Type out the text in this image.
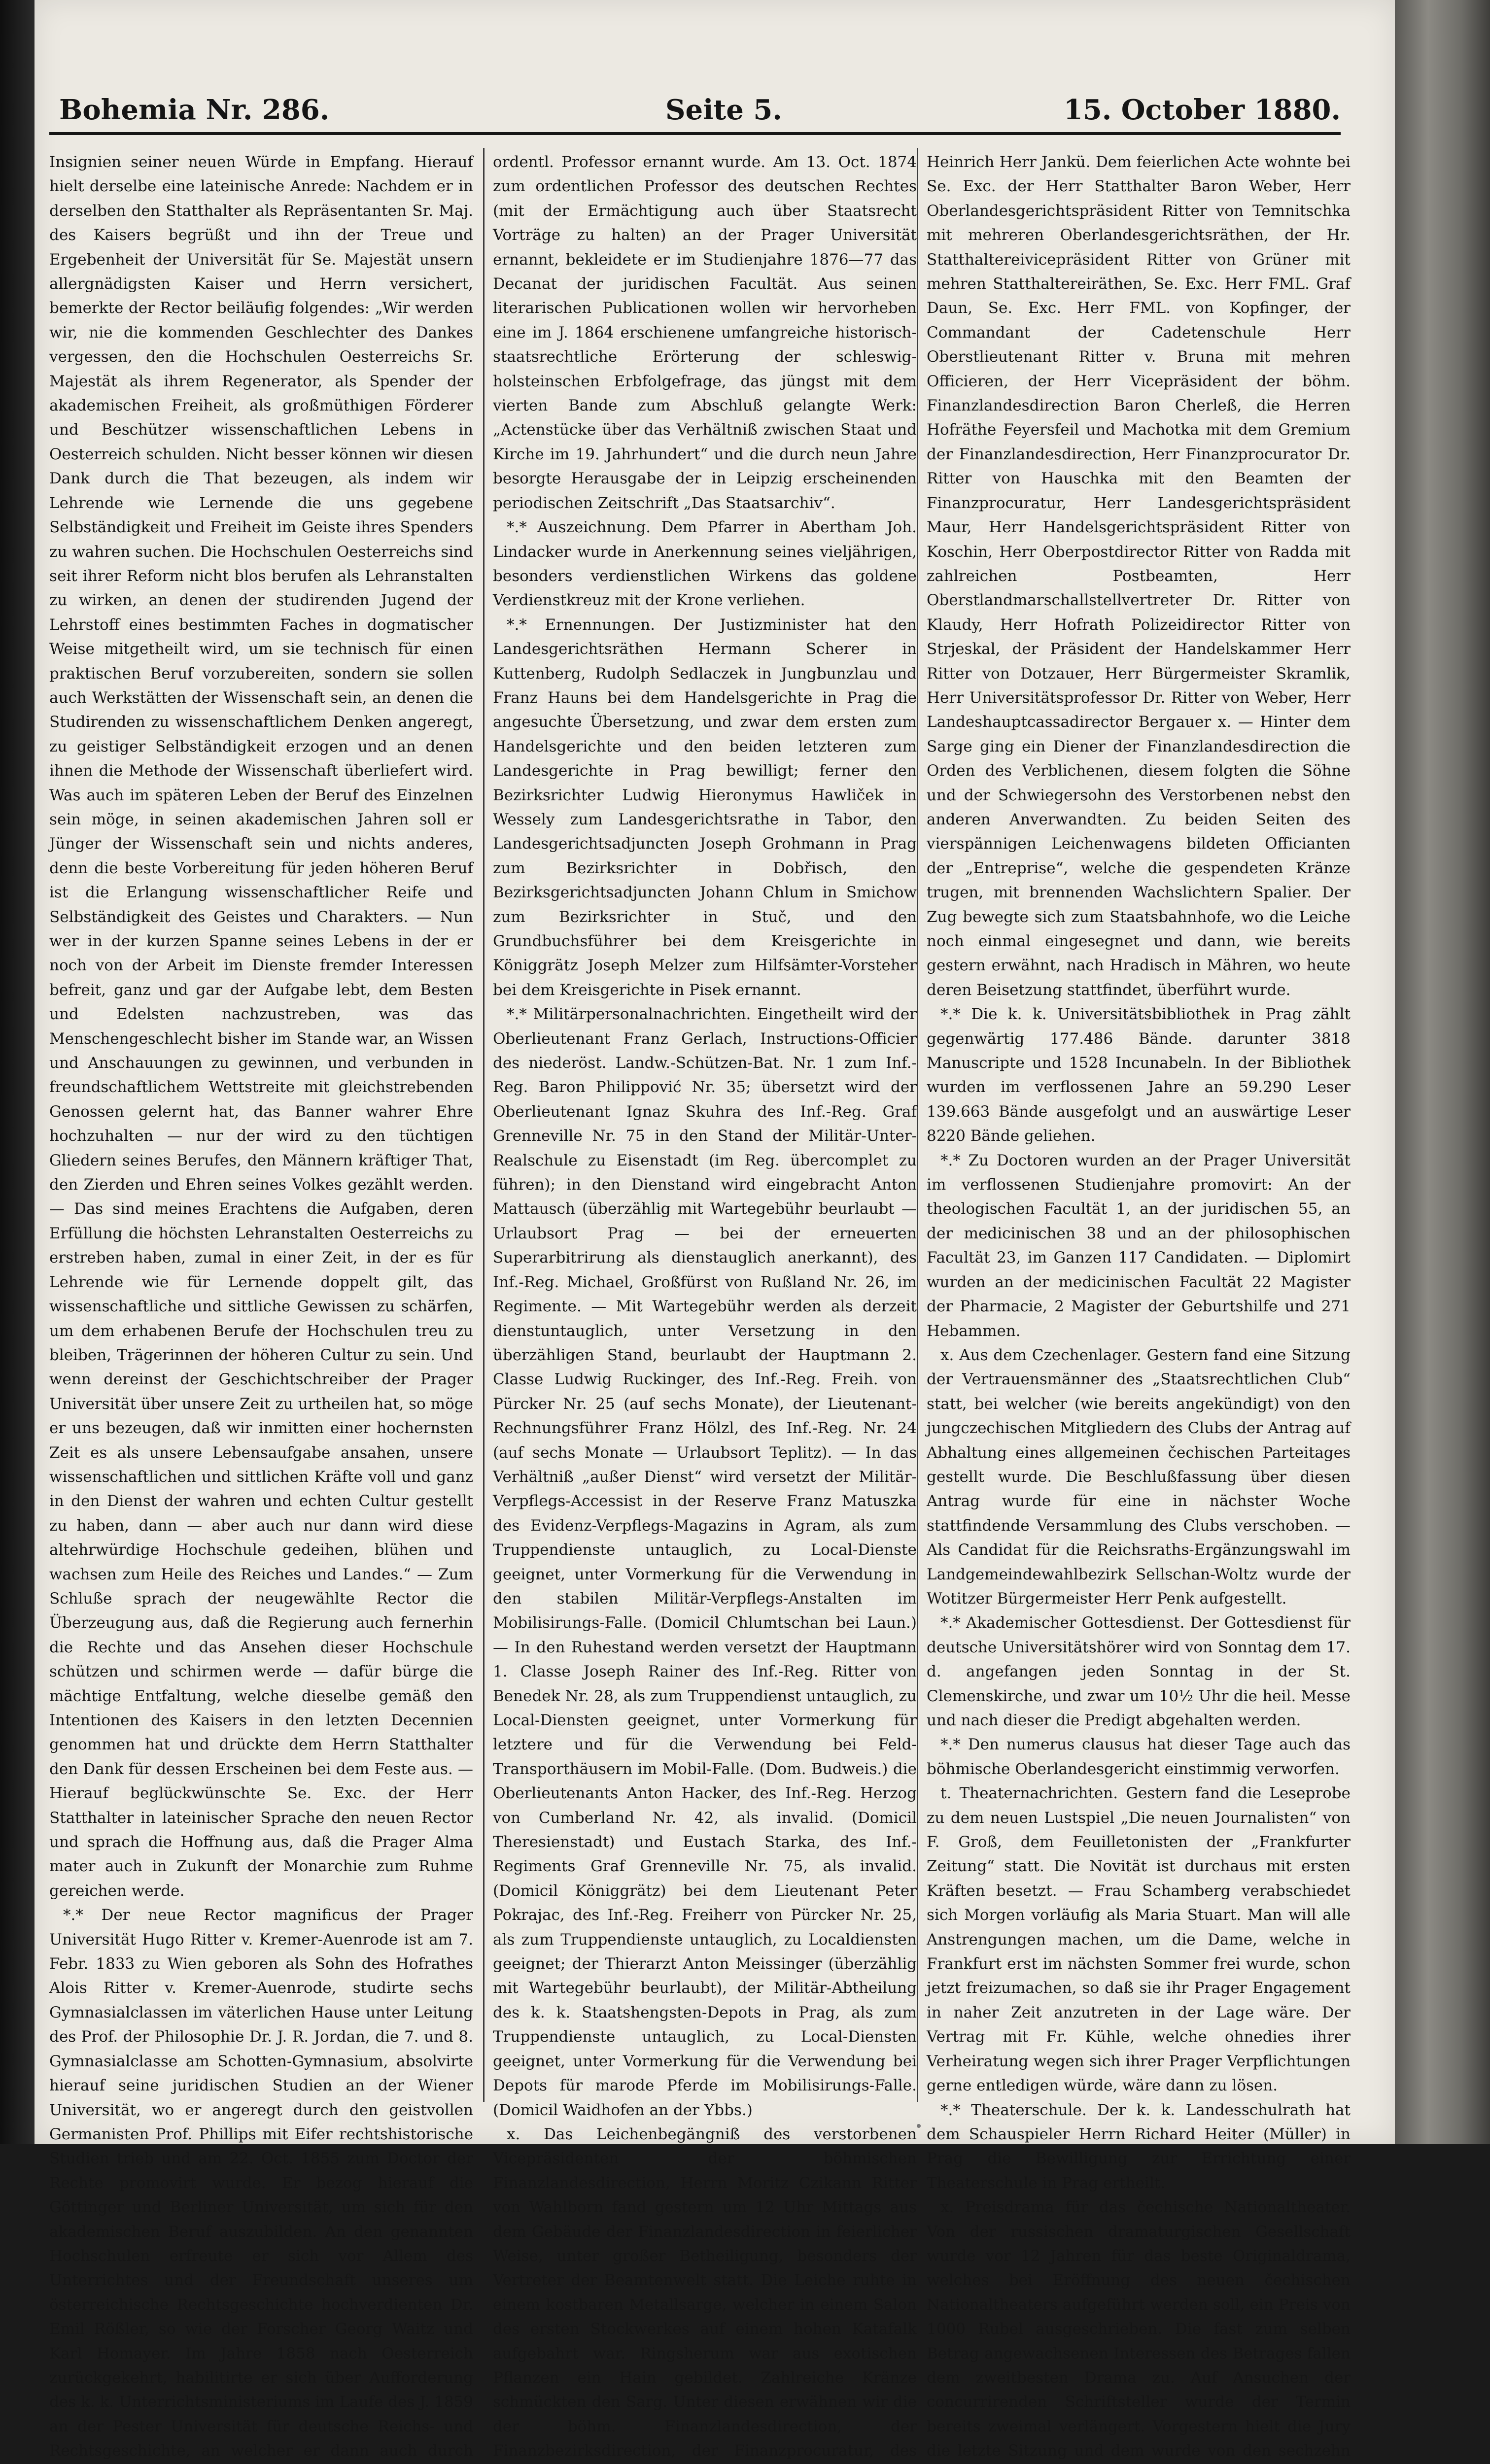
Bohemia Nr. 286.	Seite 5.	15. October 1880.

Insignien seiner neuen Würde in Empfang. Hierauf hielt derselbe eine lateinische Anrede: Nachdem er in derselben den Statthalter als Repräsentanten Sr. Maj. des Kaisers begrüßt und ihn der Treue und Ergebenheit der Universität für Se. Majestät unsern allergnädigsten Kaiser und Herrn versichert, bemerkte der Rector beiläufig folgendes: „Wir werden wir, nie die kommenden Geschlechter des Dankes vergessen, den die Hochschulen Oesterreichs Sr. Majestät als ihrem Regenerator, als Spender der akademischen Freiheit, als großmüthigen Förderer und Beschützer wissenschaftlichen Lebens in Oesterreich schulden. Nicht besser können wir diesen Dank durch die That bezeugen, als indem wir Lehrende wie Lernende die uns gegebene Selbständigkeit und Freiheit im Geiste ihres Spenders zu wahren suchen. Die Hochschulen Oesterreichs sind seit ihrer Reform nicht blos berufen als Lehranstalten zu wirken, an denen der studirenden Jugend der Lehrstoff eines bestimmten Faches in dogmatischer Weise mitgetheilt wird, um sie technisch für einen praktischen Beruf vorzubereiten, sondern sie sollen auch Werkstätten der Wissenschaft sein, an denen die Studirenden zu wissenschaftlichem Denken angeregt, zu geistiger Selbständigkeit erzogen und an denen ihnen die Methode der Wissenschaft überliefert wird. Was auch im späteren Leben der Beruf des Einzelnen sein möge, in seinen akademischen Jahren soll er Jünger der Wissenschaft sein und nichts anderes, denn die beste Vorbereitung für jeden höheren Beruf ist die Erlangung wissenschaftlicher Reife und Selbständigkeit des Geistes und Charakters. — Nun wer in der kurzen Spanne seines Lebens in der er noch von der Arbeit im Dienste fremder Interessen befreit, ganz und gar der Aufgabe lebt, dem Besten und Edelsten nachzustreben, was das Menschengeschlecht bisher im Stande war, an Wissen und Anschauungen zu gewinnen, und verbunden in freundschaftlichem Wettstreite mit gleichstrebenden Genossen gelernt hat, das Banner wahrer Ehre hochzuhalten — nur der wird zu den tüchtigen Gliedern seines Berufes, den Männern kräftiger That, den Zierden und Ehren seines Volkes gezählt werden. — Das sind meines Erachtens die Aufgaben, deren Erfüllung die höchsten Lehranstalten Oesterreichs zu erstreben haben, zumal in einer Zeit, in der es für Lehrende wie für Lernende doppelt gilt, das wissenschaftliche und sittliche Gewissen zu schärfen, um dem erhabenen Berufe der Hochschulen treu zu bleiben, Trägerinnen der höheren Cultur zu sein. Und wenn dereinst der Geschichtschreiber der Prager Universität über unsere Zeit zu urtheilen hat, so möge er uns bezeugen, daß wir inmitten einer hochernsten Zeit es als unsere Lebensaufgabe ansahen, unsere wissenschaftlichen und sittlichen Kräfte voll und ganz in den Dienst der wahren und echten Cultur gestellt zu haben, dann — aber auch nur dann wird diese altehrwürdige Hochschule gedeihen, blühen und wachsen zum Heile des Reiches und Landes.“ — Zum Schluße sprach der neugewählte Rector die Überzeugung aus, daß die Regierung auch fernerhin die Rechte und das Ansehen dieser Hochschule schützen und schirmen werde — dafür bürge die mächtige Entfaltung, welche dieselbe gemäß den Intentionen des Kaisers in den letzten Decennien genommen hat und drückte dem Herrn Statthalter den Dank für dessen Erscheinen bei dem Feste aus. — Hierauf beglückwünschte Se. Exc. der Herr Statthalter in lateinischer Sprache den neuen Rector und sprach die Hoffnung aus, daß die Prager Alma mater auch in Zukunft der Monarchie zum Ruhme gereichen werde.

*.* Der neue Rector magnificus der Prager Universität Hugo Ritter v. Kremer-Auenrode ist am 7. Febr. 1833 zu Wien geboren als Sohn des Hofrathes Alois Ritter v. Kremer-Auenrode, studirte sechs Gymnasialclassen im väterlichen Hause unter Leitung des Prof. der Philosophie Dr. J. R. Jordan, die 7. und 8. Gymnasialclasse am Schotten-Gymnasium, absolvirte hierauf seine juridischen Studien an der Wiener Universität, wo er angeregt durch den geistvollen Germanisten Prof. Phillips mit Eifer rechtshistorische Studien trieb und am 22. Oct. 1855 zum Doctor der Rechte promovirt wurde. Er bezog hierauf die Göttinger und Berliner Universität, um sich für den akademischen Beruf auszubilden. An den genannten Hochschulen erfreute er sich vor Allem des Unterrichtes und der Freundschaft unseres um österreichische Rechtsgeschichte hochverdienten Dr. Emil Rößler, so wie der Forscher Georg Waitz und Karl Homayer. Im Jahre 1858 nach Oesterreich zurückgekehrt, habilitirte er sich über Aufforderung des k. k. Unterrichtsministeriums im Laufe des J. 1859 an der Pester Universität für deutsche Reichs- und Rechtsgeschichte, an welcher er dann auch durch

ordentl. Professor ernannt wurde. Am 13. Oct. 1874 zum ordentlichen Professor des deutschen Rechtes (mit der Ermächtigung auch über Staatsrecht Vorträge zu halten) an der Prager Universität ernannt, bekleidete er im Studienjahre 1876—77 das Decanat der juridischen Facultät. Aus seinen literarischen Publicationen wollen wir hervorheben eine im J. 1864 erschienene umfangreiche historisch-staatsrechtliche Erörterung der schleswig-holsteinschen Erbfolgefrage, das jüngst mit dem vierten Bande zum Abschluß gelangte Werk: „Actenstücke über das Verhältniß zwischen Staat und Kirche im 19. Jahrhundert“ und die durch neun Jahre besorgte Herausgabe der in Leipzig erscheinenden periodischen Zeitschrift „Das Staatsarchiv“.

*.* Auszeichnung. Dem Pfarrer in Abertham Joh. Lindacker wurde in Anerkennung seines vieljährigen, besonders verdienstlichen Wirkens das goldene Verdienstkreuz mit der Krone verliehen.

*.* Ernennungen. Der Justizminister hat den Landesgerichtsräthen Hermann Scherer in Kuttenberg, Rudolph Sedlaczek in Jungbunzlau und Franz Hauns bei dem Handelsgerichte in Prag die angesuchte Übersetzung, und zwar dem ersten zum Handelsgerichte und den beiden letzteren zum Landesgerichte in Prag bewilligt; ferner den Bezirksrichter Ludwig Hieronymus Hawliček in Wessely zum Landesgerichtsrathe in Tabor, den Landesgerichtsadjuncten Joseph Grohmann in Prag zum Bezirksrichter in Dobřisch, den Bezirksgerichtsadjuncten Johann Chlum in Smichow zum Bezirksrichter in Stuč, und den Grundbuchsführer bei dem Kreisgerichte in Königgrätz Joseph Melzer zum Hilfsämter-Vorsteher bei dem Kreisgerichte in Pisek ernannt.

*.* Militärpersonalnachrichten. Eingetheilt wird der Oberlieutenant Franz Gerlach, Instructions-Officier des niederöst. Landw.-Schützen-Bat. Nr. 1 zum Inf.-Reg. Baron Philippović Nr. 35; übersetzt wird der Oberlieutenant Ignaz Skuhra des Inf.-Reg. Graf Grenneville Nr. 75 in den Stand der Militär-Unter-Realschule zu Eisenstadt (im Reg. übercomplet zu führen); in den Dienstand wird eingebracht Anton Mattausch (überzählig mit Wartegebühr beurlaubt — Urlaubsort Prag — bei der erneuerten Superarbitrirung als dienstauglich anerkannt), des Inf.-Reg. Michael, Großfürst von Rußland Nr. 26, im Regimente. — Mit Wartegebühr werden als derzeit dienstuntauglich, unter Versetzung in den überzähligen Stand, beurlaubt der Hauptmann 2. Classe Ludwig Ruckinger, des Inf.-Reg. Freih. von Pürcker Nr. 25 (auf sechs Monate), der Lieutenant-Rechnungsführer Franz Hölzl, des Inf.-Reg. Nr. 24 (auf sechs Monate — Urlaubsort Teplitz). — In das Verhältniß „außer Dienst“ wird versetzt der Militär-Verpflegs-Accessist in der Reserve Franz Matuszka des Evidenz-Verpflegs-Magazins in Agram, als zum Truppendienste untauglich, zu Local-Dienste geeignet, unter Vormerkung für die Verwendung in den stabilen Militär-Verpflegs-Anstalten im Mobilisirungs-Falle. (Domicil Chlumtschan bei Laun.) — In den Ruhestand werden versetzt der Hauptmann 1. Classe Joseph Rainer des Inf.-Reg. Ritter von Benedek Nr. 28, als zum Truppendienst untauglich, zu Local-Diensten geeignet, unter Vormerkung für letztere und für die Verwendung bei Feld-Transporthäusern im Mobil-Falle. (Dom. Budweis.) die Oberlieutenants Anton Hacker, des Inf.-Reg. Herzog von Cumberland Nr. 42, als invalid. (Domicil Theresienstadt) und Eustach Starka, des Inf.-Regiments Graf Grenneville Nr. 75, als invalid. (Domicil Königgrätz) bei dem Lieutenant Peter Pokrajac, des Inf.-Reg. Freiherr von Pürcker Nr. 25, als zum Truppendienste untauglich, zu Localdiensten geeignet; der Thierarzt Anton Meissinger (überzählig mit Wartegebühr beurlaubt), der Militär-Abtheilung des k. k. Staatshengsten-Depots in Prag, als zum Truppendienste untauglich, zu Local-Diensten geeignet, unter Vormerkung für die Verwendung bei Depots für marode Pferde im Mobilisirungs-Falle. (Domicil Waidhofen an der Ybbs.)

x. Das Leichenbegängniß des verstorbenen Vicepräsidenten der böhmischen Finanzlandesdirection, Herrn Moritz Czikann Ritter von Wahlborn fand gestern um 12 Uhr Mittags aus dem Gebäude der Finanzlandesdirection in feierlicher Weise, unter großer Betheiligung, besonders der Vertreter der Beamtenwelt statt. Die Leiche ruhte in einem kostbaren Metallsarge, welcher in einem Salon des ersten Stockwerkes auf einem hohen Katafalk aufgebahrt war. Ringsherum war aus exotischen Pflanzen ein Hain gebildet. Zahlreiche Kränze schmückten den Sarg. Unter diesen erwähnen wir die der böhm. Finanzlandesdirection, der Finanzbezirksdirection, der Finanzprocuratur, des

Heinrich Herr Jankü. Dem feierlichen Acte wohnte bei Se. Exc. der Herr Statthalter Baron Weber, Herr Oberlandesgerichtspräsident Ritter von Temnitschka mit mehreren Oberlandesgerichtsräthen, der Hr. Statthaltereivicepräsident Ritter von Grüner mit mehren Statthaltereiräthen, Se. Exc. Herr FML. Graf Daun, Se. Exc. Herr FML. von Kopfinger, der Commandant der Cadetenschule Herr Oberstlieutenant Ritter v. Bruna mit mehren Officieren, der Herr Vicepräsident der böhm. Finanzlandesdirection Baron Cherleß, die Herren Hofräthe Feyersfeil und Machotka mit dem Gremium der Finanzlandesdirection, Herr Finanzprocurator Dr. Ritter von Hauschka mit den Beamten der Finanzprocuratur, Herr Landesgerichtspräsident Maur, Herr Handelsgerichtspräsident Ritter von Koschin, Herr Oberpostdirector Ritter von Radda mit zahlreichen Postbeamten, Herr Oberstlandmarschallstellvertreter Dr. Ritter von Klaudy, Herr Hofrath Polizeidirector Ritter von Strjeskal, der Präsident der Handelskammer Herr Ritter von Dotzauer, Herr Bürgermeister Skramlik, Herr Universitätsprofessor Dr. Ritter von Weber, Herr Landeshauptcassadirector Bergauer x. — Hinter dem Sarge ging ein Diener der Finanzlandesdirection die Orden des Verblichenen, diesem folgten die Söhne und der Schwiegersohn des Verstorbenen nebst den anderen Anverwandten. Zu beiden Seiten des vierspännigen Leichenwagens bildeten Officianten der „Entreprise“, welche die gespendeten Kränze trugen, mit brennenden Wachslichtern Spalier. Der Zug bewegte sich zum Staatsbahnhofe, wo die Leiche noch einmal eingesegnet und dann, wie bereits gestern erwähnt, nach Hradisch in Mähren, wo heute deren Beisetzung stattfindet, überführt wurde.

*.* Die k. k. Universitätsbibliothek in Prag zählt gegenwärtig 177.486 Bände. darunter 3818 Manuscripte und 1528 Incunabeln. In der Bibliothek wurden im verflossenen Jahre an 59.290 Leser 139.663 Bände ausgefolgt und an auswärtige Leser 8220 Bände geliehen.

*.* Zu Doctoren wurden an der Prager Universität im verflossenen Studienjahre promovirt: An der theologischen Facultät 1, an der juridischen 55, an der medicinischen 38 und an der philosophischen Facultät 23, im Ganzen 117 Candidaten. — Diplomirt wurden an der medicinischen Facultät 22 Magister der Pharmacie, 2 Magister der Geburtshilfe und 271 Hebammen.

x. Aus dem Czechenlager. Gestern fand eine Sitzung der Vertrauensmänner des „Staatsrechtlichen Club“ statt, bei welcher (wie bereits angekündigt) von den jungczechischen Mitgliedern des Clubs der Antrag auf Abhaltung eines allgemeinen čechischen Parteitages gestellt wurde. Die Beschlußfassung über diesen Antrag wurde für eine in nächster Woche stattfindende Versammlung des Clubs verschoben. — Als Candidat für die Reichsraths-Ergänzungswahl im Landgemeindewahlbezirk Sellschan-Woltz wurde der Wotitzer Bürgermeister Herr Penk aufgestellt.

*.* Akademischer Gottesdienst. Der Gottesdienst für deutsche Universitätshörer wird von Sonntag dem 17. d. angefangen jeden Sonntag in der St. Clemenskirche, und zwar um 10½ Uhr die heil. Messe und nach dieser die Predigt abgehalten werden.

*.* Den numerus clausus hat dieser Tage auch das böhmische Oberlandesgericht einstimmig verworfen.

t. Theaternachrichten. Gestern fand die Leseprobe zu dem neuen Lustspiel „Die neuen Journalisten“ von F. Groß, dem Feuilletonisten der „Frankfurter Zeitung“ statt. Die Novität ist durchaus mit ersten Kräften besetzt. — Frau Schamberg verabschiedet sich Morgen vorläufig als Maria Stuart. Man will alle Anstrengungen machen, um die Dame, welche in Frankfurt erst im nächsten Sommer frei wurde, schon jetzt freizumachen, so daß sie ihr Prager Engagement in naher Zeit anzutreten in der Lage wäre. Der Vertrag mit Fr. Kühle, welche ohnedies ihrer Verheiratung wegen sich ihrer Prager Verpflichtungen gerne entledigen würde, wäre dann zu lösen.

*.* Theaterschule. Der k. k. Landesschulrath hat dem Schauspieler Herrn Richard Heiter (Müller) in Prag die Bewilligung zur Errichtung einer Theaterschule in Prag ertheilt.

x. Preisdrama für das čechische Nationaltheater. Von der russischen dramaturgischen Gesellschaft wurde vor 12 Jahren für das beste Originaldrama, welches bei Eröffnung des neuen čechischen Nationaltheaters aufgeführt werden soll, ein Preis von 1000 Rubel ausgeschrieben. Die fast zum selben Betrag angewachsenen Interessen des Betrages fallen dem zweitbesten Drama zu. Auf Ansuchen der concurrirenden Schriftsteller wurde der Termin bereits zweimal verlängert. Vorgestern hielt die Jury die letzte Sitzung und dem wurde von den sechzehn
